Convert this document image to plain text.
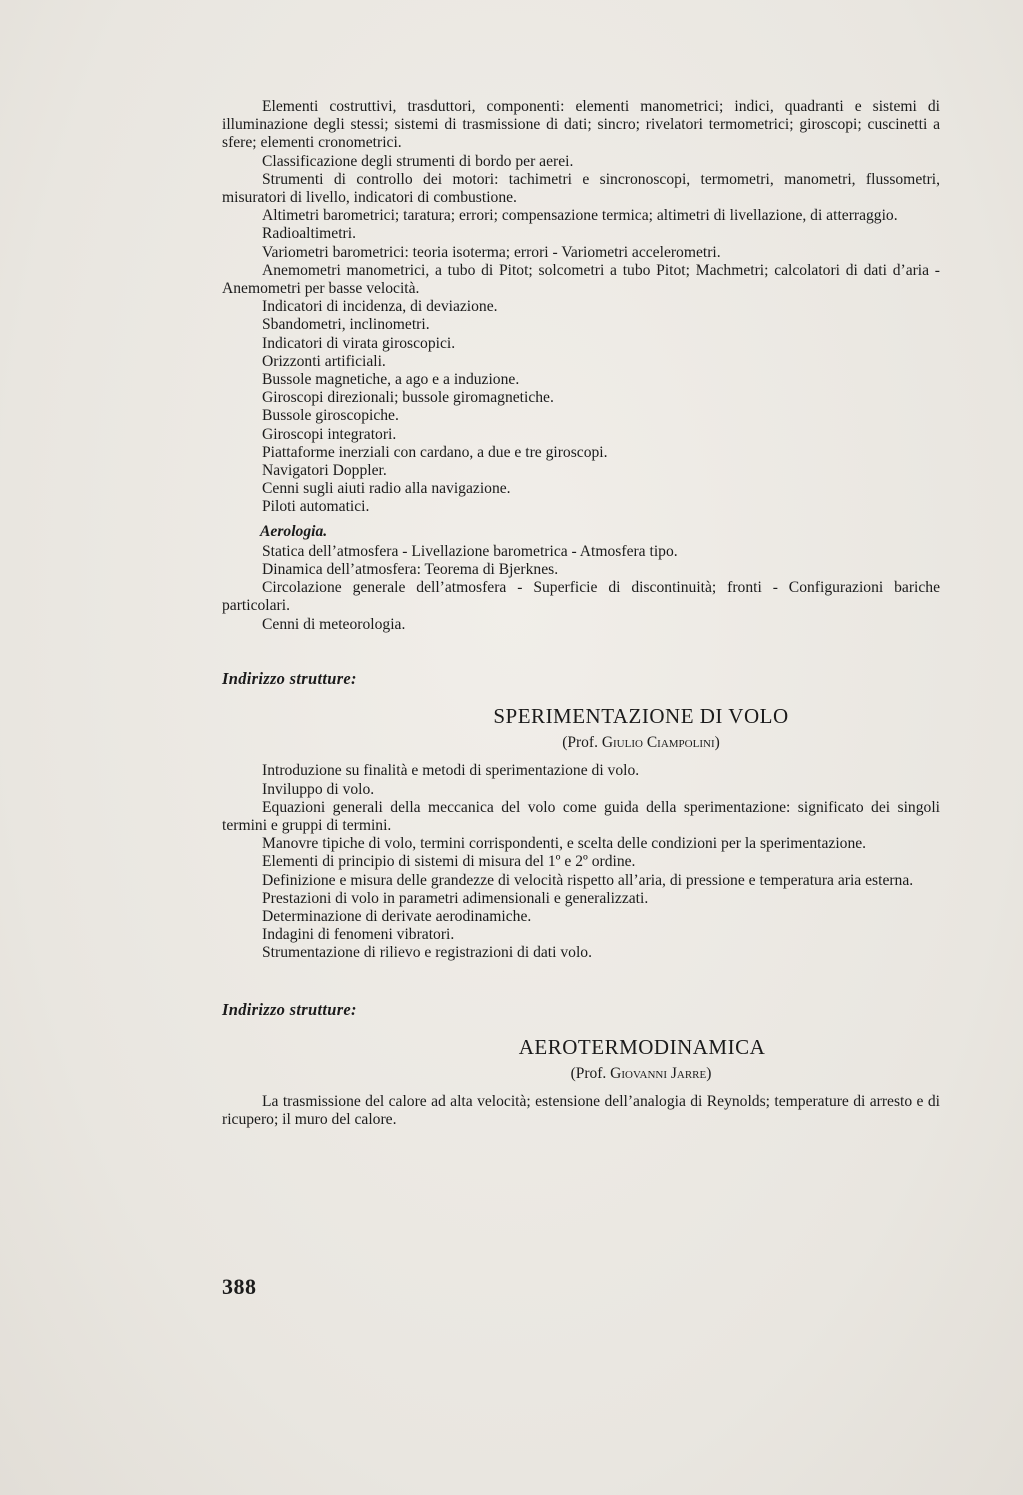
Elementi costruttivi, trasduttori, componenti: elementi manometrici; indici, quadranti e sistemi di illuminazione degli stessi; sistemi di trasmissione di dati; sincro; rivelatori termometrici; giroscopi; cuscinetti a sfere; elementi cronometrici.

Classificazione degli strumenti di bordo per aerei.

Strumenti di controllo dei motori: tachimetri e sincronoscopi, termometri, manometri, flussometri, misuratori di livello, indicatori di combustione.

Altimetri barometrici; taratura; errori; compensazione termica; altimetri di livellazione, di atterraggio.

Radioaltimetri.

Variometri barometrici: teoria isoterma; errori - Variometri accelerometri.

Anemometri manometrici, a tubo di Pitot; solcometri a tubo Pitot; Machmetri; calcolatori di dati d’aria - Anemometri per basse velocità.

Indicatori di incidenza, di deviazione.

Sbandometri, inclinometri.

Indicatori di virata giroscopici.

Orizzonti artificiali.

Bussole magnetiche, a ago e a induzione.

Giroscopi direzionali; bussole giromagnetiche.

Bussole giroscopiche.

Giroscopi integratori.

Piattaforme inerziali con cardano, a due e tre giroscopi.

Navigatori Doppler.

Cenni sugli aiuti radio alla navigazione.

Piloti automatici.

Aerologia.

Statica dell’atmosfera - Livellazione barometrica - Atmosfera tipo.

Dinamica dell’atmosfera: Teorema di Bjerknes.

Circolazione generale dell’atmosfera - Superficie di discontinuità; fronti - Configurazioni bariche particolari.

Cenni di meteorologia.

Indirizzo strutture:
SPERIMENTAZIONE DI VOLO
(Prof. Giulio Ciampolini)

Introduzione su finalità e metodi di sperimentazione di volo.

Inviluppo di volo.

Equazioni generali della meccanica del volo come guida della sperimentazione: significato dei singoli termini e gruppi di termini.

Manovre tipiche di volo, termini corrispondenti, e scelta delle condizioni per la sperimentazione.

Elementi di principio di sistemi di misura del 1º e 2º ordine.

Definizione e misura delle grandezze di velocità rispetto all’aria, di pressione e temperatura aria esterna.

Prestazioni di volo in parametri adimensionali e generalizzati.

Determinazione di derivate aerodinamiche.

Indagini di fenomeni vibratori.

Strumentazione di rilievo e registrazioni di dati volo.

Indirizzo strutture:
AEROTERMODINAMICA
(Prof. Giovanni Jarre)

La trasmissione del calore ad alta velocità; estensione dell’analogia di Reynolds; temperature di arresto e di ricupero; il muro del calore.

388
